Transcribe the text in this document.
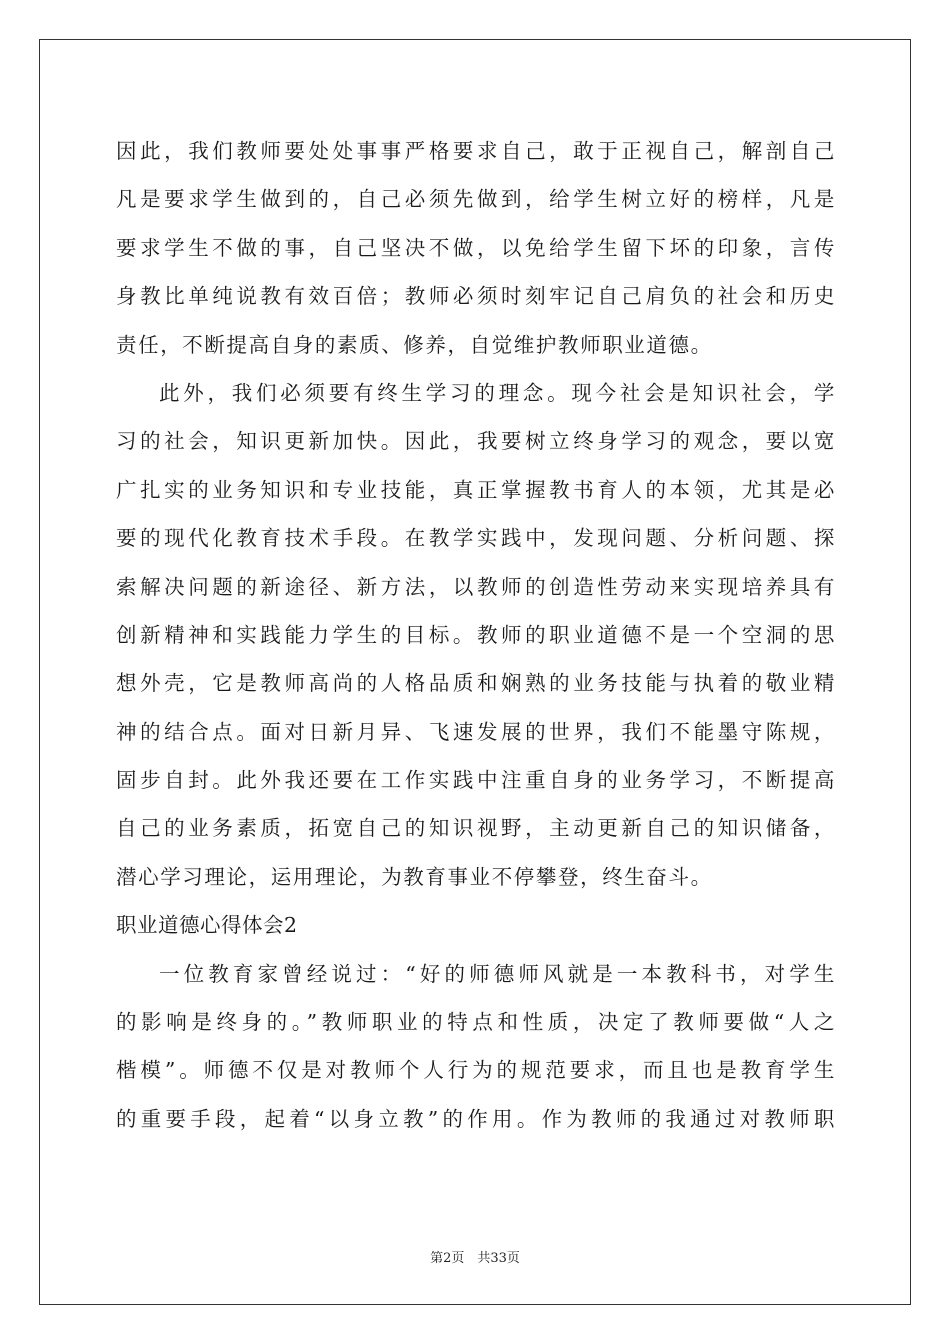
因此，我们教师要处处事事严格要求自己，敢于正视自己，解剖自己
凡是要求学生做到的，自己必须先做到，给学生树立好的榜样，凡是
要求学生不做的事，自己坚决不做，以免给学生留下坏的印象，言传
身教比单纯说教有效百倍；教师必须时刻牢记自己肩负的社会和历史
责任，不断提高自身的素质、修养，自觉维护教师职业道德。
此外，我们必须要有终生学习的理念。现今社会是知识社会，学
习的社会，知识更新加快。因此，我要树立终身学习的观念，要以宽
广扎实的业务知识和专业技能，真正掌握教书育人的本领，尤其是必
要的现代化教育技术手段。在教学实践中，发现问题、分析问题、探
索解决问题的新途径、新方法，以教师的创造性劳动来实现培养具有
创新精神和实践能力学生的目标。教师的职业道德不是一个空洞的思
想外壳，它是教师高尚的人格品质和娴熟的业务技能与执着的敬业精
神的结合点。面对日新月异、飞速发展的世界，我们不能墨守陈规，
固步自封。此外我还要在工作实践中注重自身的业务学习，不断提高
自己的业务素质，拓宽自己的知识视野，主动更新自己的知识储备，
潜心学习理论，运用理论，为教育事业不停攀登，终生奋斗。
职业道德心得体会2
一位教育家曾经说过：“好的师德师风就是一本教科书，对学生
的影响是终身的。”教师职业的特点和性质，决定了教师要做“人之
楷模”。师德不仅是对教师个人行为的规范要求，而且也是教育学生
的重要手段，起着“以身立教”的作用。作为教师的我通过对教师职
第2页　共33页
